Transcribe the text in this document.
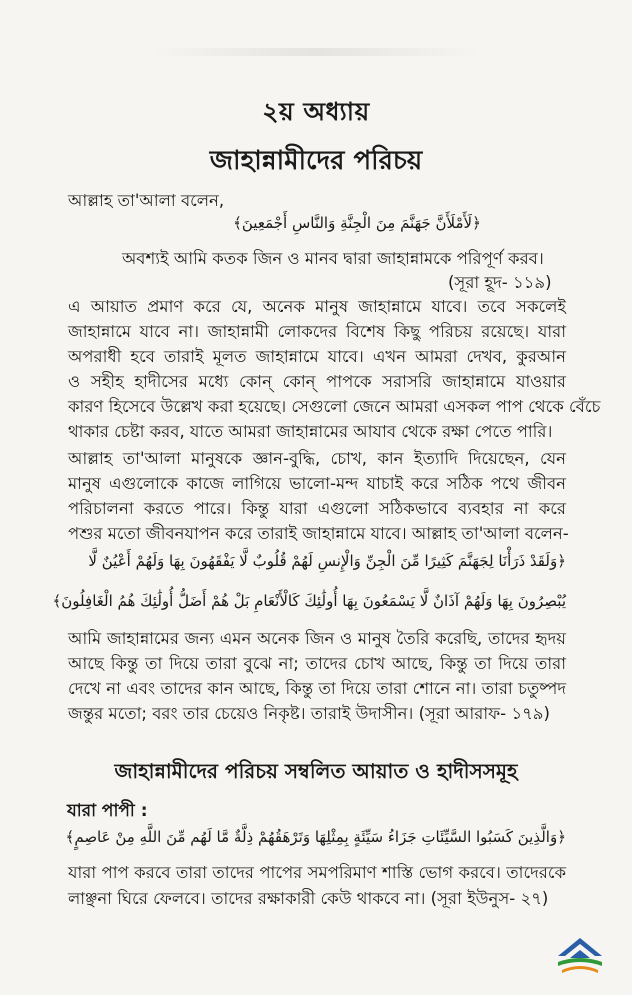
২য় অধ্যায়
জাহান্নামীদের পরিচয়
আল্লাহ তা'আলা বলেন,
﴿لَأَمْلَأَنَّ جَهَنَّمَ مِنَ الْجِنَّةِ وَالنَّاسِ أَجْمَعِينَ﴾
অবশ্যই আমি কতক জিন ও মানব দ্বারা জাহান্নামকে পরিপূর্ণ করব।
(সূরা হূদ- ১১৯)
এ আয়াত প্রমাণ করে যে, অনেক মানুষ জাহান্নামে যাবে। তবে সকলেই
জাহান্নামে যাবে না। জাহান্নামী লোকদের বিশেষ কিছু পরিচয় রয়েছে। যারা
অপরাধী হবে তারাই মূলত জাহান্নামে যাবে। এখন আমরা দেখব, কুরআন
ও সহীহ হাদীসের মধ্যে কোন্ কোন্ পাপকে সরাসরি জাহান্নামে যাওয়ার
কারণ হিসেবে উল্লেখ করা হয়েছে। সেগুলো জেনে আমরা এসকল পাপ থেকে বেঁচে
থাকার চেষ্টা করব, যাতে আমরা জাহান্নামের আযাব থেকে রক্ষা পেতে পারি।
আল্লাহ তা'আলা মানুষকে জ্ঞান-বুদ্ধি, চোখ, কান ইত্যাদি দিয়েছেন, যেন
মানুষ এগুলোকে কাজে লাগিয়ে ভালো-মন্দ যাচাই করে সঠিক পথে জীবন
পরিচালনা করতে পারে। কিন্তু যারা এগুলো সঠিকভাবে ব্যবহার না করে
পশুর মতো জীবনযাপন করে তারাই জাহান্নামে যাবে। আল্লাহ তা'আলা বলেন-
﴿وَلَقَدْ ذَرَأْنَا لِجَهَنَّمَ كَثِيرًا مِّنَ الْجِنِّ وَالْإِنسِ لَهُمْ قُلُوبٌ لَّا يَفْقَهُونَ بِهَا وَلَهُمْ أَعْيُنٌ لَّا
يُبْصِرُونَ بِهَا وَلَهُمْ آذَانٌ لَّا يَسْمَعُونَ بِهَا أُولَٰئِكَ كَالْأَنْعَامِ بَلْ هُمْ أَضَلُّ أُولَٰئِكَ هُمُ الْغَافِلُونَ﴾
আমি জাহান্নামের জন্য এমন অনেক জিন ও মানুষ তৈরি করেছি, তাদের হৃদয়
আছে কিন্তু তা দিয়ে তারা বুঝে না; তাদের চোখ আছে, কিন্তু তা দিয়ে তারা
দেখে না এবং তাদের কান আছে, কিন্তু তা দিয়ে তারা শোনে না। তারা চতুষ্পদ
জন্তুর মতো; বরং তার চেয়েও নিকৃষ্ট। তারাই উদাসীন। (সূরা আরাফ- ১৭৯)
জাহান্নামীদের পরিচয় সম্বলিত আয়াত ও হাদীসসমূহ
যারা পাপী :
﴿وَالَّذِينَ كَسَبُوا السَّيِّئَاتِ جَزَاءُ سَيِّئَةٍ بِمِثْلِهَا وَتَرْهَقُهُمْ ذِلَّةٌ مَّا لَهُم مِّنَ اللَّهِ مِنْ عَاصِمٍ﴾
যারা পাপ করবে তারা তাদের পাপের সমপরিমাণ শাস্তি ভোগ করবে। তাদেরকে
লাঞ্ছনা ঘিরে ফেলবে। তাদের রক্ষাকারী কেউ থাকবে না। (সূরা ইউনুস- ২৭)
